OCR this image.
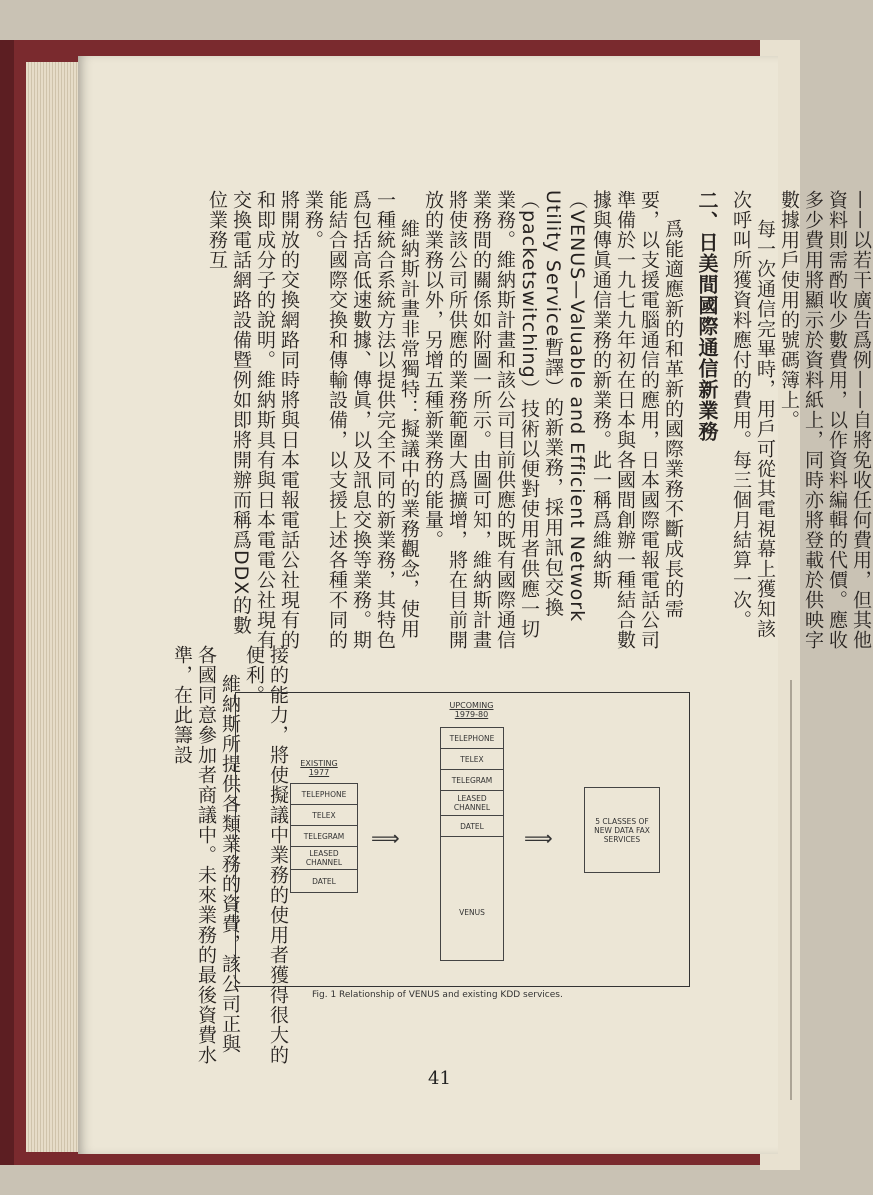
——以若干廣告爲例——自將免收任何費用，但其他資料則需酌收少數費用，以作資料編輯的代價。應收多少費用將顯示於資料紙上，同時亦將登載於供映字數據用戶使用的號碼簿上。

每一次通信完畢時，用戶可從其電視幕上獲知該次呼叫所獲資料應付的費用。每三個月結算一次。

二、日美間國際通信新業務

爲能適應新的和革新的國際業務不斷成長的需要，以支援電腦通信的應用，日本國際電報電話公司準備於一九七九年初在日本與各國間創辦一種結合數據與傳眞通信業務的新業務。此一稱爲維納斯（VENUS—Valuable and Efficient Network Utility Service暫譯）的新業務，採用訊包交換（packetswitching）技術以便對使用者供應一切業務。維納斯計畫和該公司目前供應的既有國際通信業務間的關係如附圖一所示。由圖可知，維納斯計畫將使該公司所供應的業務範圍大爲擴增，將在目前開放的業務以外，另增五種新業務的能量。

維納斯計畫非常獨特：擬議中的業務觀念，使用一種統合系統方法以提供完全不同的新業務，其特色爲包括高低速數據、傳眞，以及訊息交換等業務。期能結合國際交換和傳輸設備，以支援上述各種不同的業務。

將開放的交換網路同時將與日本電報電話公社現有的和即成分子的說明。維納斯具有與日本電電公社現有交換電話網路設備暨例如即將開辦而稱爲DDX的數位業務互

接的能力，將使擬議中業務的使用者獲得很大的便利。

維納斯所提供各類業務的資費，該公司正與各國同意參加者商議中。未來業務的最後資費水準，在此籌設	EXISTING
1977
TELEPHONE
TELEX
TELEGRAM
LEASED CHANNEL
DATEL
⟹
UPCOMING
1979-80
TELEPHONE
TELEX
TELEGRAM
LEASED CHANNEL
DATEL
VENUS
⟹
5 CLASSES OF NEW DATA FAX SERVICES
Fig. 1 Relationship of VENUS and existing KDD services.
41
